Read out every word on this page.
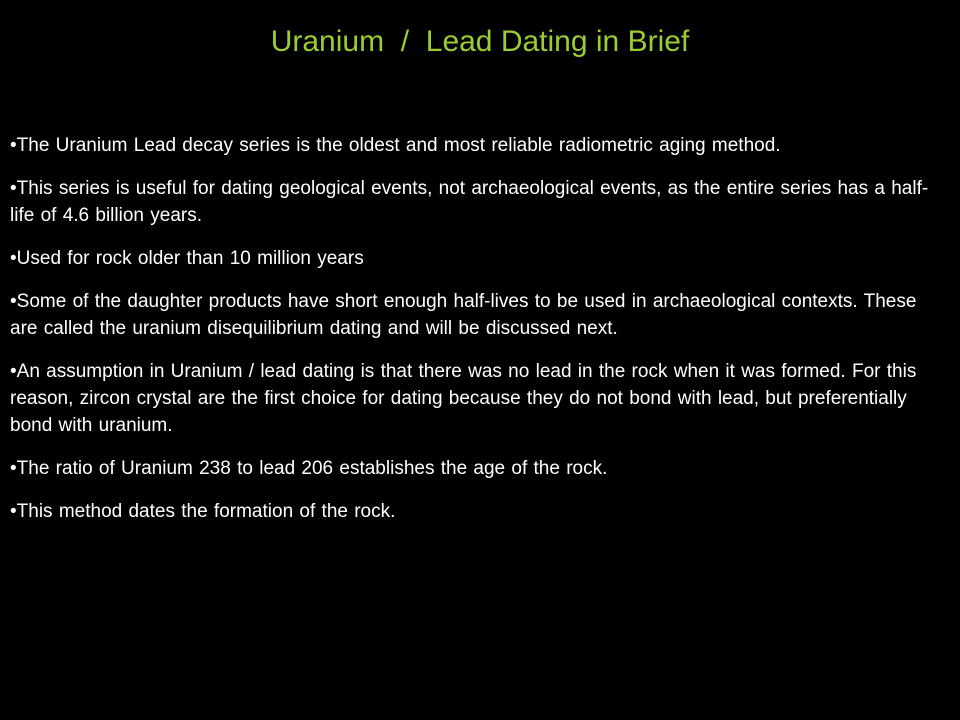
Uranium  /  Lead Dating in Brief
•The Uranium Lead decay series is the oldest and most reliable radiometric aging method.
•This series is useful for dating geological events, not archaeological events, as the entire series has a half-life of 4.6 billion years.
•Used for rock older than 10 million years
•Some of the daughter products have short enough half-lives to be used in archaeological contexts. These are called the uranium disequilibrium dating and will be discussed next.
•An assumption in Uranium / lead dating is that there was no lead in the rock when it was formed. For this reason, zircon crystal are the first choice for dating because they do not bond with lead, but preferentially bond with uranium.
•The ratio of Uranium 238 to lead 206 establishes the age of the rock.
•This method dates the formation of the rock.
